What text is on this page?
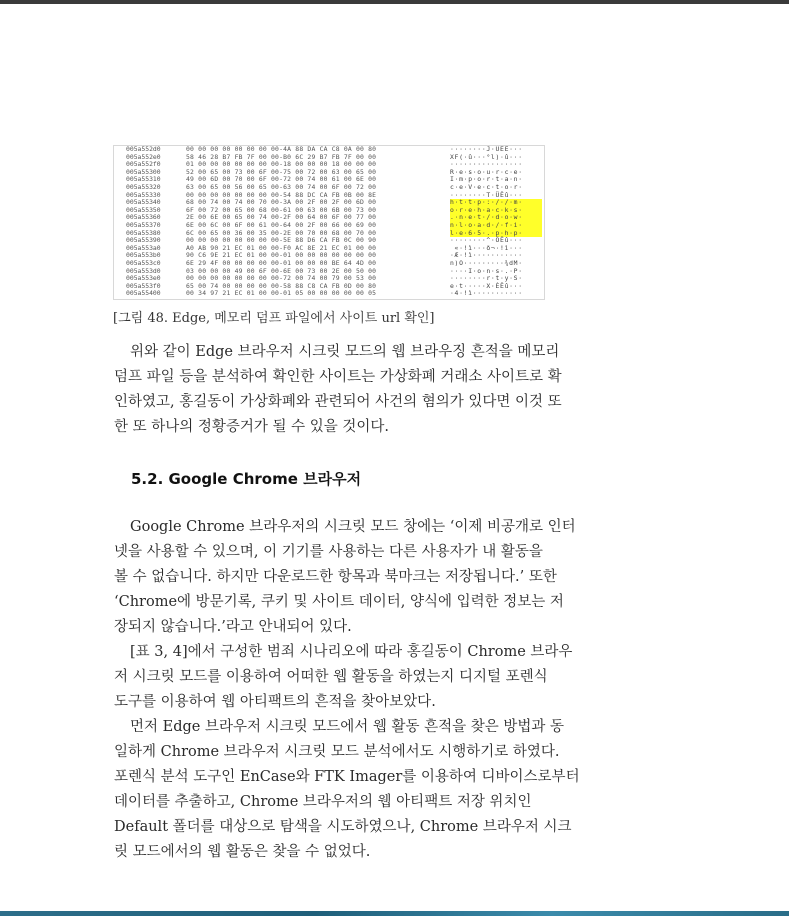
005a552d0	00 00 00 00 00 00 00 00-4A 88 DA CA C8 0A 00 80	········J·ÙÊÈ···
005a552e0	58 46 28 B7 FB 7F 00 00-B0 6C 29 B7 FB 7F 00 00	XF(·û···°l)·û···
005a552f0	01 00 00 00 00 00 00 00-18 00 00 00 18 00 00 00	················
005a55300	52 00 65 00 73 00 6F 00-75 00 72 00 63 00 65 00	R·e·s·o·u·r·c·e·
005a55310	49 00 6D 00 70 00 6F 00-72 00 74 00 61 00 6E 00	I·m·p·o·r·t·a·n·
005a55320	63 00 65 00 56 00 65 00-63 00 74 00 6F 00 72 00	c·e·V·e·c·t·o·r·
005a55330	00 00 00 00 00 00 00 00-54 88 DC CA FB 0B 00 8E	········T·ÜÊû···
005a55340	68 00 74 00 74 00 70 00-3A 00 2F 00 2F 00 6D 00	h·t·t·p·:·/·/·m·
005a55350	6F 00 72 00 65 00 68 00-61 00 63 00 6B 00 73 00	o·r·e·h·a·c·k·s·
005a55360	2E 00 6E 00 65 00 74 00-2F 00 64 00 6F 00 77 00	.·n·e·t·/·d·o·w·
005a55370	6E 00 6C 00 6F 00 61 00-64 00 2F 00 66 00 69 00	n·l·o·a·d·/·f·i·
005a55380	6C 00 65 00 36 00 35 00-2E 00 70 00 68 00 70 00	l·e·6·5·.·p·h·p·
005a55390	00 00 00 00 00 00 00 00-5E 88 D6 CA FB 0C 00 90	········^·ÖÊû···
005a553a0	A0 AB 90 21 EC 01 00 00-F0 AC 8E 21 EC 01 00 00	«·!ì···ð¬·!ì···
005a553b0	90 C6 9E 21 EC 01 00 00-01 00 00 00 00 00 00 00	·Æ·!ì···········
005a553c0	6E 29 4F 00 00 00 00 00-01 00 00 00 BE 64 4D 00	n)O·········¾dM·
005a553d0	03 00 00 00 49 00 6F 00-6E 00 73 00 2E 00 50 00	····I·o·n·s·.·P·
005a553e0	00 00 00 00 00 00 00 00-72 00 74 00 79 00 53 00	········r·t·y·S·
005a553f0	65 00 74 00 00 00 00 00-58 88 C8 CA FB 0D 00 80	e·t·····X·ÈÊû···
005a55400	00 34 97 21 EC 01 00 00-01 05 00 00 00 00 00 05	·4·!ì···········
[그림 48. Edge, 메모리 덤프 파일에서 사이트 url 확인]
위와 같이 Edge 브라우저 시크릿 모드의 웹 브라우징 흔적을 메모리
덤프 파일 등을 분석하여 확인한 사이트는 가상화폐 거래소 사이트로 확
인하였고, 홍길동이 가상화폐와 관련되어 사건의 혐의가 있다면 이것 또
한 또 하나의 정황증거가 될 수 있을 것이다.
5.2. Google Chrome 브라우저
Google Chrome 브라우저의 시크릿 모드 창에는 ‘이제 비공개로 인터
넷을 사용할 수 있으며, 이 기기를 사용하는 다른 사용자가 내 활동을
볼 수 없습니다. 하지만 다운로드한 항목과 북마크는 저장됩니다.’ 또한
‘Chrome에 방문기록, 쿠키 및 사이트 데이터, 양식에 입력한 정보는 저
장되지 않습니다.’라고 안내되어 있다.
[표 3, 4]에서 구성한 범죄 시나리오에 따라 홍길동이 Chrome 브라우
저 시크릿 모드를 이용하여 어떠한 웹 활동을 하였는지 디지털 포렌식
도구를 이용하여 웹 아티팩트의 흔적을 찾아보았다.
먼저 Edge 브라우저 시크릿 모드에서 웹 활동 흔적을 찾은 방법과 동
일하게 Chrome 브라우저 시크릿 모드 분석에서도 시행하기로 하였다.
포렌식 분석 도구인 EnCase와 FTK Imager를 이용하여 디바이스로부터
데이터를 추출하고, Chrome 브라우저의 웹 아티팩트 저장 위치인
Default 폴더를 대상으로 탐색을 시도하였으나, Chrome 브라우저 시크
릿 모드에서의 웹 활동은 찾을 수 없었다.
